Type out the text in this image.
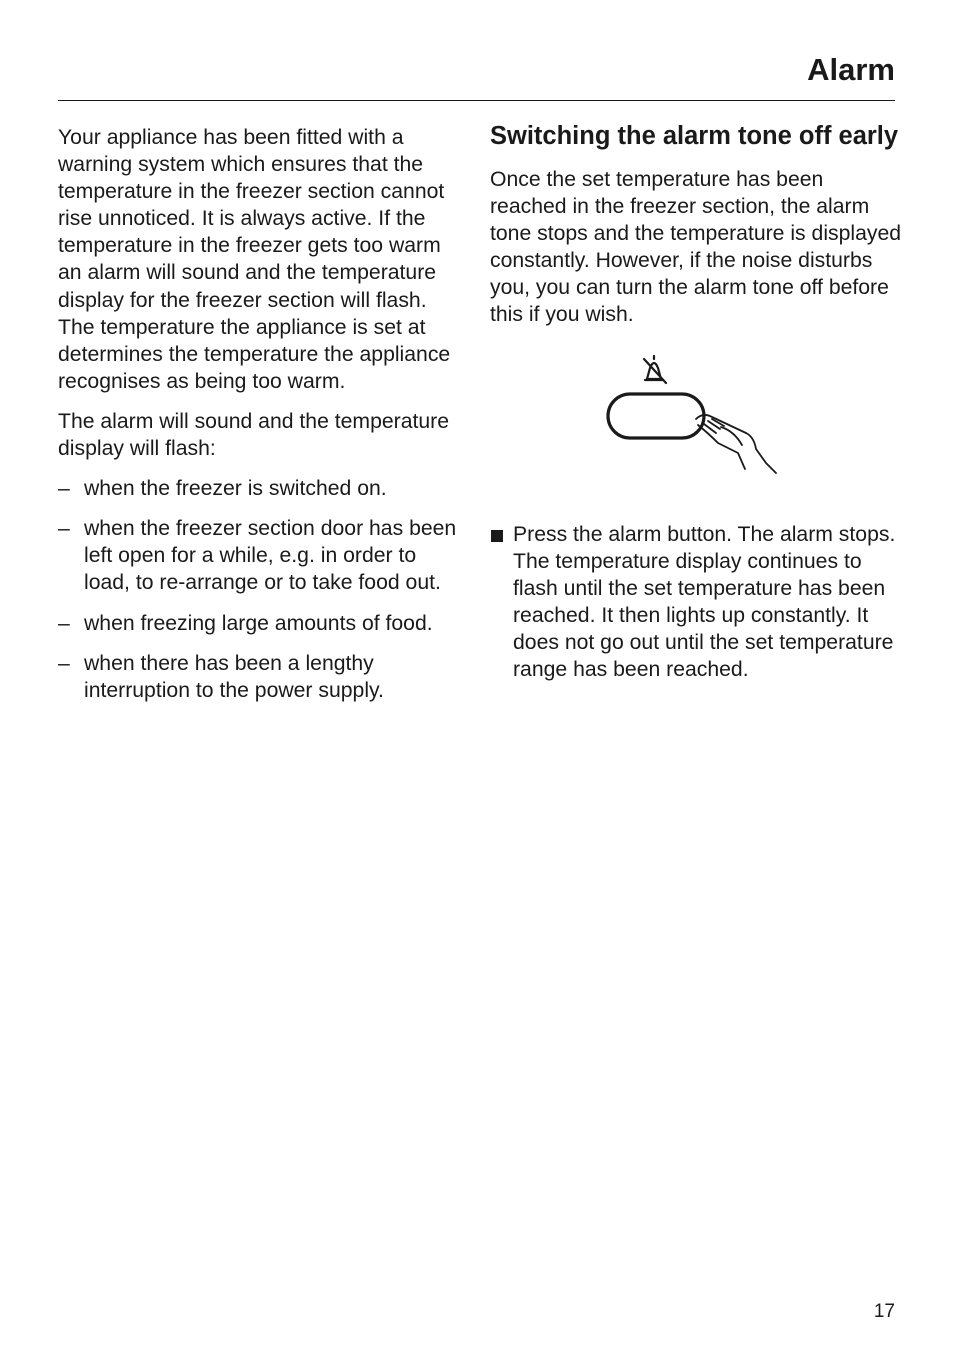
Alarm

Your appliance has been fitted with a warning system which ensures that the temperature in the freezer section cannot rise unnoticed. It is always active. If the temperature in the freezer gets too warm an alarm will sound and the temperature display for the freezer section will flash. The temperature the appliance is set at determines the temperature the appliance recognises as being too warm.

The alarm will sound and the temperature display will flash:

– when the freezer is switched on.
– when the freezer section door has been left open for a while, e.g. in order to load, to re-arrange or to take food out.
– when freezing large amounts of food.
– when there has been a lengthy interruption to the power supply.
Switching the alarm tone off early

Once the set temperature has been reached in the freezer section, the alarm tone stops and the temperature is displayed constantly. However, if the noise disturbs you, you can turn the alarm tone off before this if you wish.

Press the alarm button. The alarm stops. The temperature display continues to flash until the set temperature has been reached. It then lights up constantly. It does not go out until the set temperature range has been reached.

17
